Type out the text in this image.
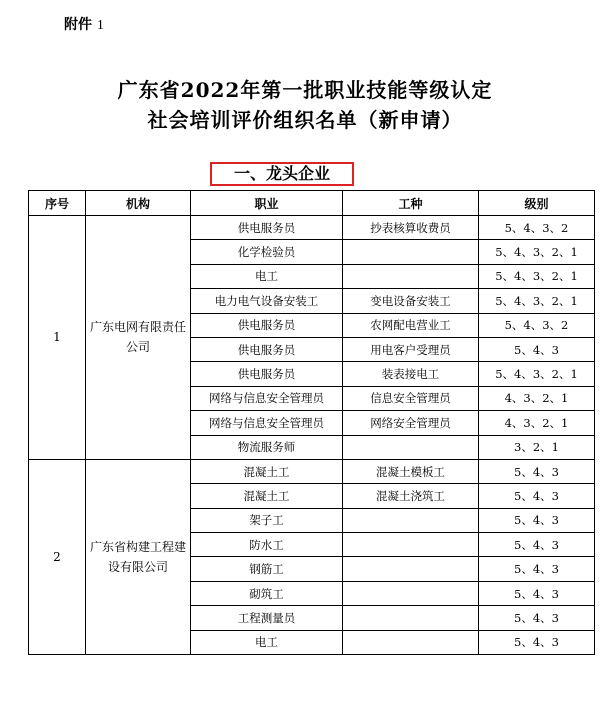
附件 1
广东省2022年第一批职业技能等级认定
社会培训评价组织名单（新申请）
一、龙头企业
序号	机构	职业	工种	级别
1	广东电网有限责任公司	供电服务员	抄表核算收费员	5、4、3、2
		化学检验员		5、4、3、2、1
		电工		5、4、3、2、1
		电力电气设备安装工	变电设备安装工	5、4、3、2、1
		供电服务员	农网配电营业工	5、4、3、2
		供电服务员	用电客户受理员	5、4、3
		供电服务员	装表接电工	5、4、3、2、1
		网络与信息安全管理员	信息安全管理员	4、3、2、1
		网络与信息安全管理员	网络安全管理员	4、3、2、1
		物流服务师		3、2、1
2	广东省构建工程建设有限公司	混凝土工	混凝土模板工	5、4、3
		混凝土工	混凝土浇筑工	5、4、3
		架子工		5、4、3
		防水工		5、4、3
		钢筋工		5、4、3
		砌筑工		5、4、3
		工程测量员		5、4、3
		电工		5、4、3
